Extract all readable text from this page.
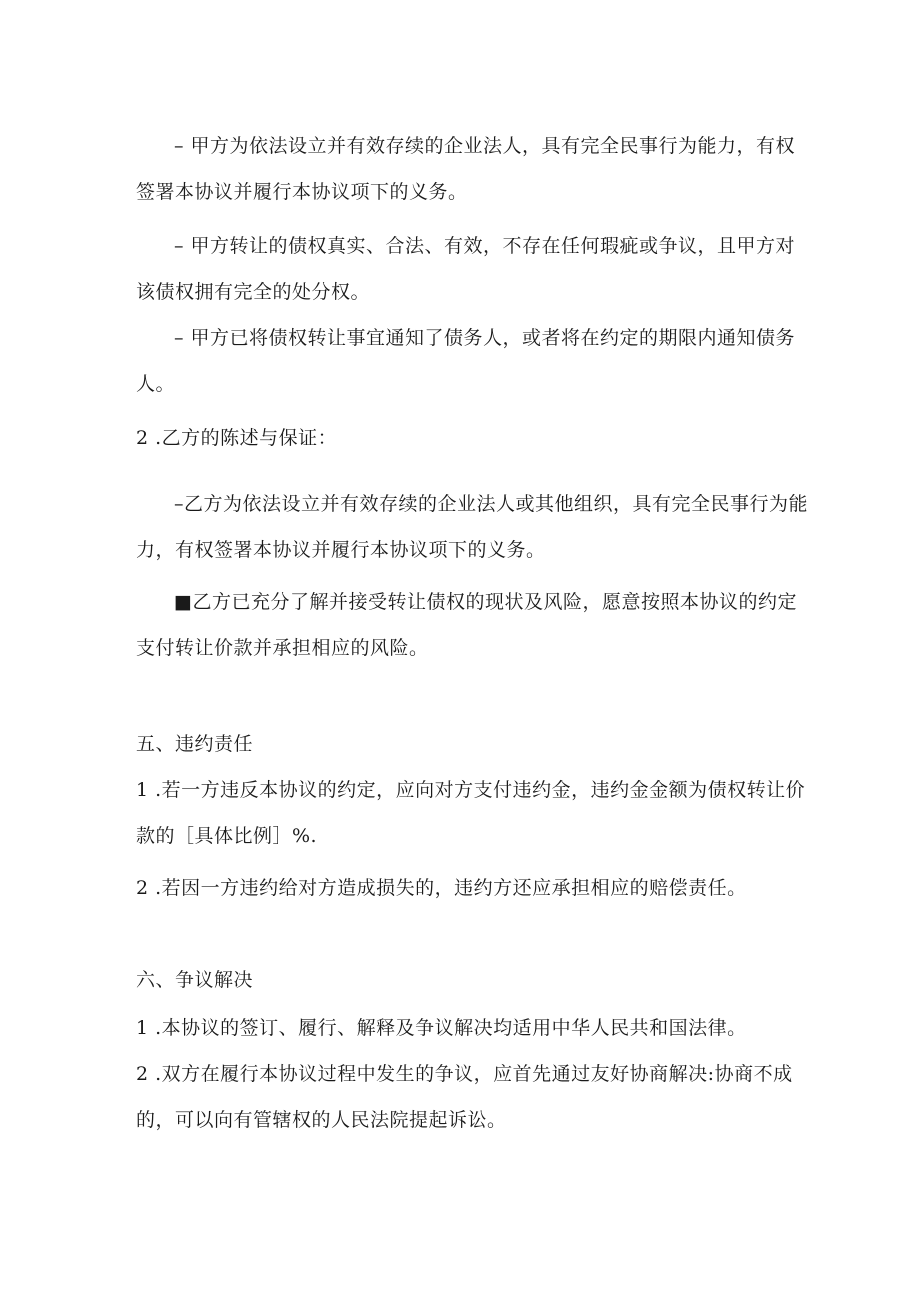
– 甲方为依法设立并有效存续的企业法人，具有完全民事行为能力，有权
签署本协议并履行本协议项下的义务。
– 甲方转让的债权真实、合法、有效，不存在任何瑕疵或争议，且甲方对
该债权拥有完全的处分权。
– 甲方已将债权转让事宜通知了债务人，或者将在约定的期限内通知债务
人。
2 .乙方的陈述与保证：
–乙方为依法设立并有效存续的企业法人或其他组织，具有完全民事行为能
力，有权签署本协议并履行本协议项下的义务。
■乙方已充分了解并接受转让债权的现状及风险，愿意按照本协议的约定
支付转让价款并承担相应的风险。
五、违约责任
1 .若一方违反本协议的约定，应向对方支付违约金，违约金金额为债权转让价
款的［具体比例］%.
2 .若因一方违约给对方造成损失的，违约方还应承担相应的赔偿责任。
六、争议解决
1 .本协议的签订、履行、解释及争议解决均适用中华人民共和国法律。
2 .双方在履行本协议过程中发生的争议，应首先通过友好协商解决:协商不成
的，可以向有管辖权的人民法院提起诉讼。
